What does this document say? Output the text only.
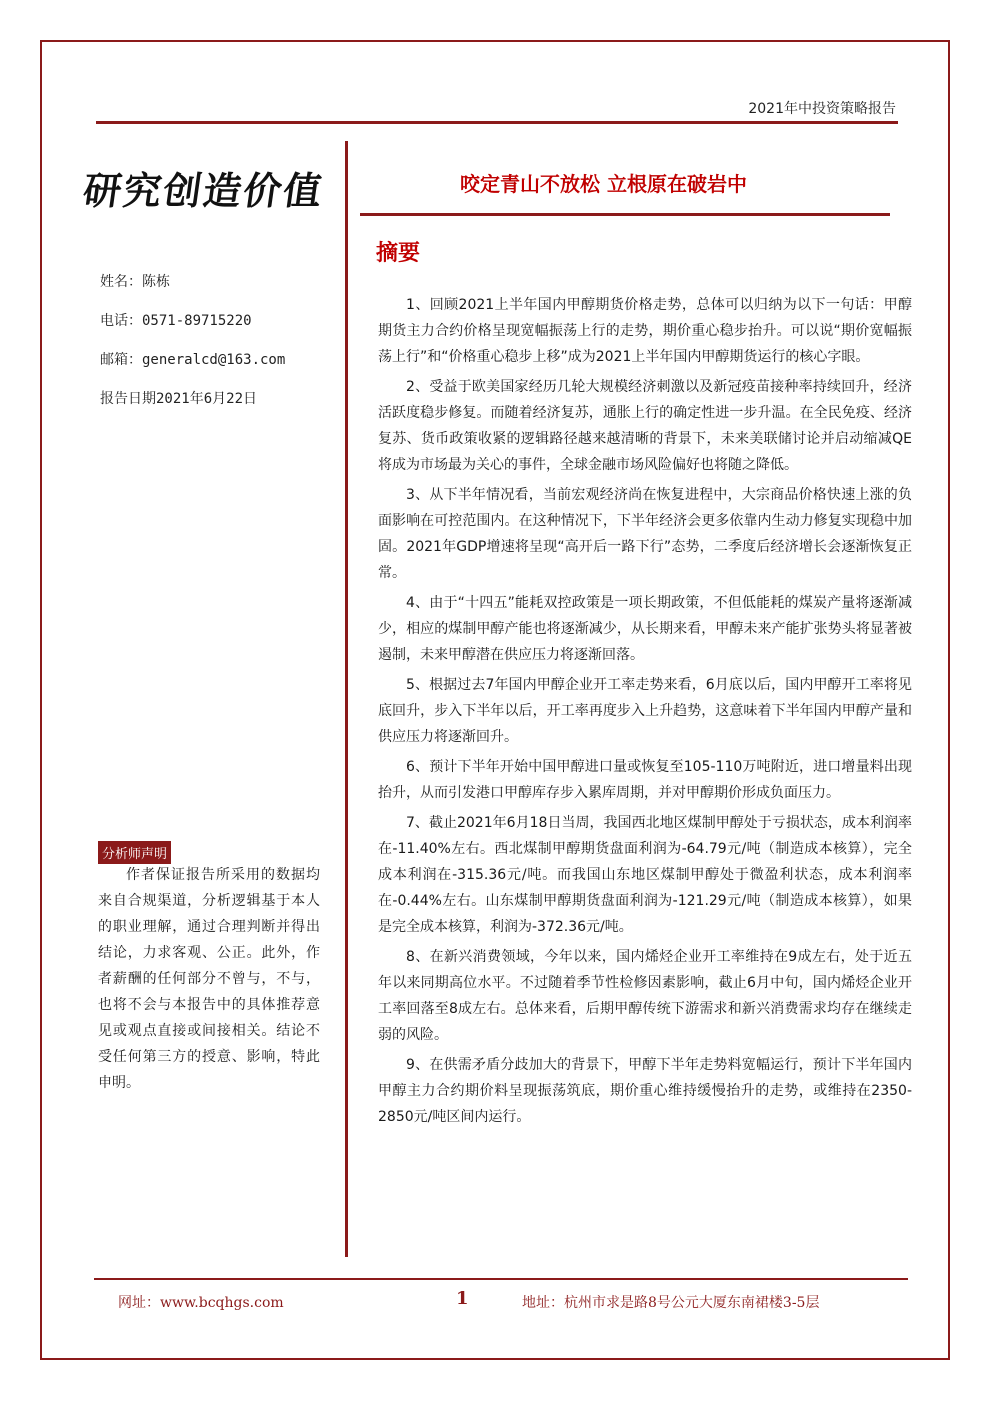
2021年中投资策略报告
研究创造价值	咬定青山不放松 立根原在破岩中
摘要
姓名：陈栋
电话：0571-89715220
邮箱：generalcd@163.com
报告日期2021年6月22日
分析师声明
作者保证报告所采用的数据均来自合规渠道，分析逻辑基于本人的职业理解，通过合理判断并得出结论，力求客观、公正。此外，作者薪酬的任何部分不曾与，不与，也将不会与本报告中的具体推荐意见或观点直接或间接相关。结论不受任何第三方的授意、影响，特此申明。

1、回顾2021上半年国内甲醇期货价格走势，总体可以归纳为以下一句话：甲醇期货主力合约价格呈现宽幅振荡上行的走势，期价重心稳步抬升。可以说“期价宽幅振荡上行”和“价格重心稳步上移”成为2021上半年国内甲醇期货运行的核心字眼。

2、受益于欧美国家经历几轮大规模经济刺激以及新冠疫苗接种率持续回升，经济活跃度稳步修复。而随着经济复苏，通胀上行的确定性进一步升温。在全民免疫、经济复苏、货币政策收紧的逻辑路径越来越清晰的背景下，未来美联储讨论并启动缩减QE将成为市场最为关心的事件，全球金融市场风险偏好也将随之降低。

3、从下半年情况看，当前宏观经济尚在恢复进程中，大宗商品价格快速上涨的负面影响在可控范围内。在这种情况下，下半年经济会更多依靠内生动力修复实现稳中加固。2021年GDP增速将呈现“高开后一路下行”态势，二季度后经济增长会逐渐恢复正常。

4、由于“十四五”能耗双控政策是一项长期政策，不但低能耗的煤炭产量将逐渐减少，相应的煤制甲醇产能也将逐渐减少，从长期来看，甲醇未来产能扩张势头将显著被遏制，未来甲醇潜在供应压力将逐渐回落。

5、根据过去7年国内甲醇企业开工率走势来看，6月底以后，国内甲醇开工率将见底回升，步入下半年以后，开工率再度步入上升趋势，这意味着下半年国内甲醇产量和供应压力将逐渐回升。

6、预计下半年开始中国甲醇进口量或恢复至105-110万吨附近，进口增量料出现抬升，从而引发港口甲醇库存步入累库周期，并对甲醇期价形成负面压力。

7、截止2021年6月18日当周，我国西北地区煤制甲醇处于亏损状态，成本利润率在-11.40%左右。西北煤制甲醇期货盘面利润为-64.79元/吨（制造成本核算），完全成本利润在-315.36元/吨。而我国山东地区煤制甲醇处于微盈利状态，成本利润率在-0.44%左右。山东煤制甲醇期货盘面利润为-121.29元/吨（制造成本核算），如果是完全成本核算，利润为-372.36元/吨。

8、在新兴消费领域，今年以来，国内烯烃企业开工率维持在9成左右，处于近五年以来同期高位水平。不过随着季节性检修因素影响，截止6月中旬，国内烯烃企业开工率回落至8成左右。总体来看，后期甲醇传统下游需求和新兴消费需求均存在继续走弱的风险。

9、在供需矛盾分歧加大的背景下，甲醇下半年走势料宽幅运行，预计下半年国内甲醇主力合约期价料呈现振荡筑底，期价重心维持缓慢抬升的走势，或维持在2350-2850元/吨区间内运行。

网址：www.bcqhgs.com	1	地址：杭州市求是路8号公元大厦东南裙楼3-5层
